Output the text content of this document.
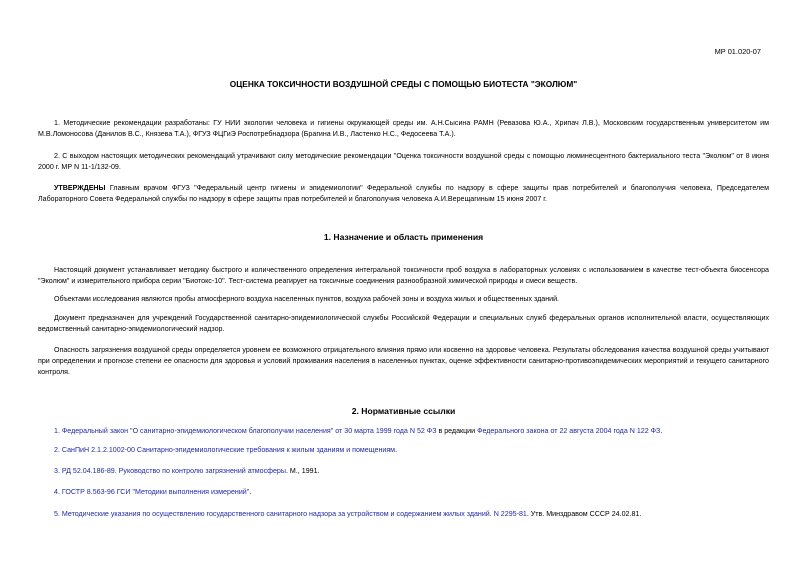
МР 01.020-07
ОЦЕНКА ТОКСИЧНОСТИ ВОЗДУШНОЙ СРЕДЫ С ПОМОЩЬЮ БИОТЕСТА "ЭКОЛЮМ"

1. Методические рекомендации разработаны: ГУ НИИ экологии человека и гигиены окружающей среды им. А.Н.Сысина РАМН (Ревазова Ю.А., Хрипач Л.В.), Московским государственным университетом им М.В.Ломоносова (Данилов В.С., Князева Т.А.), ФГУЗ ФЦГиЭ Роспотребнадзора (Брагина И.В., Ластенко Н.С., Федосеева Т.А.).

2. С выходом настоящих методических рекомендаций утрачивают силу методические рекомендации "Оценка токсичности воздушной среды с помощью люминесцентного бактериального теста "Эколюм" от 8 июня 2000 г. МР N 11-1/132-09.

УТВЕРЖДЕНЫ Главным врачом ФГУЗ "Федеральный центр гигиены и эпидемиологии" Федеральной службы по надзору в сфере защиты прав потребителей и благополучия человека, Председателем Лабораторного Совета Федеральной службы по надзору в сфере защиты прав потребителей и благополучия человека А.И.Верещагиным 15 июня 2007 г.

1. Назначение и область применения

Настоящий документ устанавливает методику быстрого и количественного определения интегральной токсичности проб воздуха в лабораторных условиях с использованием в качестве тест-объекта биосенсора "Эколюм" и измерительного прибора серии "Биотокс-10". Тест-система реагирует на токсичные соединения разнообразной химической природы и смеси веществ.

Объектами исследования являются пробы атмосферного воздуха населенных пунктов, воздуха рабочей зоны и воздуха жилых и общественных зданий.

Документ предназначен для учреждений Государственной санитарно-эпидемиологической службы Российской Федерации и специальных служб федеральных органов исполнительной власти, осуществляющих ведомственный санитарно-эпидемиологический надзор.

Опасность загрязнения воздушной среды определяется уровнем ее возможного отрицательного влияния прямо или косвенно на здоровье человека. Результаты обследования качества воздушной среды учитывают при определении и прогнозе степени ее опасности для здоровья и условий проживания населения в населенных пунктах, оценке эффективности санитарно-противоэпидемических мероприятий и текущего санитарного контроля.

2. Нормативные ссылки
1. Федеральный закон "О санитарно-эпидемиологическом благополучии населения" от 30 марта 1999 года N 52 ФЗ в редакции Федерального закона от 22 августа 2004 года N 122 ФЗ.
2. СанПиН 2.1.2.1002-00 Санитарно-эпидемиологические требования к жилым зданиям и помещениям.
3. РД 52.04.186-89. Руководство по контролю загрязнений атмосферы. М., 1991.
4. ГОСТР 8.563-96 ГСИ "Методики выполнения измерений".
5. Методические указания по осуществлению государственного санитарного надзора за устройством и содержанием жилых зданий. N 2295-81. Утв. Минздравом СССР 24.02.81.
